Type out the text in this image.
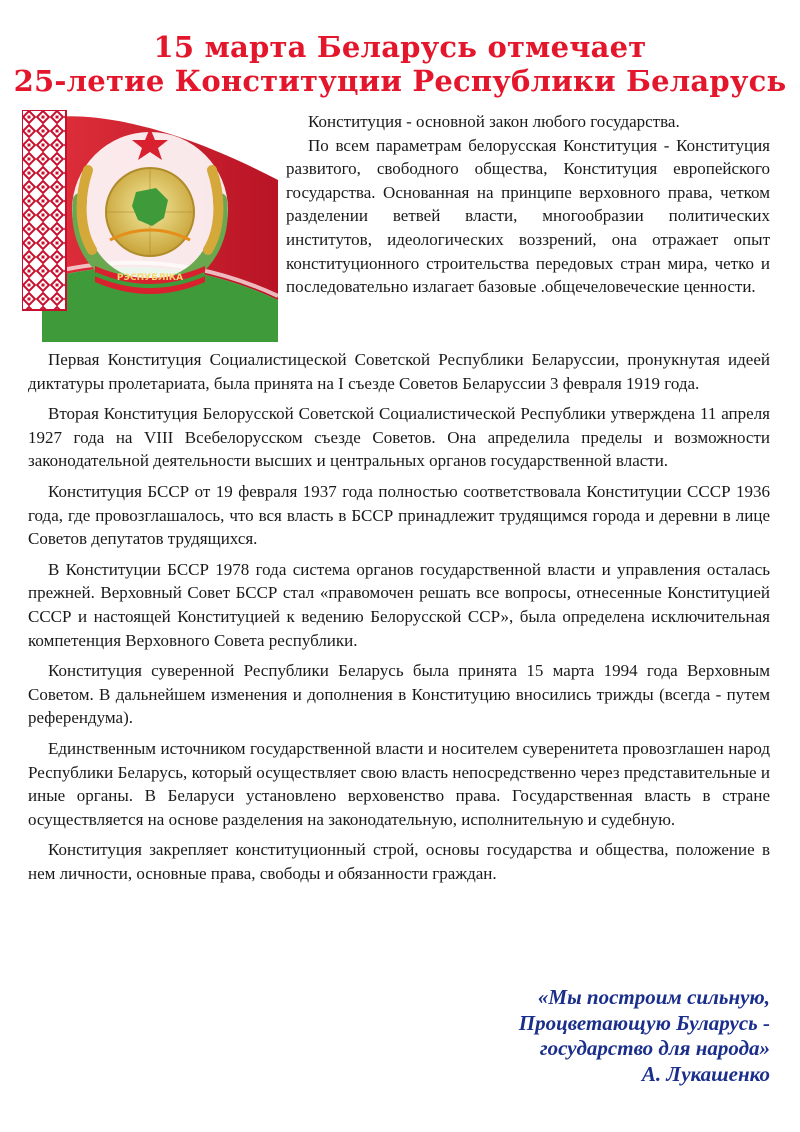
15 марта Беларусь отмечает
25-летие Конституции Республики Беларусь
РЭСПУБЛІКА

Конституция - основной закон любого государства.

По всем параметрам белорусская Конституция - Конституция развитого, свободного общества, Конституция европейского государства. Основанная на принципе верховного права, четком разделении ветвей власти, многообразии политических институтов, идеологических воззрений, она отражает опыт конституционного строительства передовых стран мира, четко и последовательно излагает базовые .общечеловеческие ценности.

Первая Конституция Социалистицеской Советской Республики Беларуссии, пронукнутая идеей диктатуры пролетариата, была принята на I съезде Советов Беларуссии 3 февраля 1919 года.

Вторая Конституция Белорусской Советской Социалистической Республики утверждена 11 апреля 1927 года на VIII Всебелорусском съезде Советов. Она апределила пределы и возможности законодательной деятельности высших и центральных органов государственной власти.

Конституция БССР от 19 февраля 1937 года полностью соответствовала Конституции СССР 1936 года, где провозглашалось, что вся власть в БССР принадлежит трудящимся города и деревни в лице Советов депутатов трудящихся.

В Конституции БССР 1978 года система органов государственной власти и управления осталась прежней. Верховный Совет БССР стал «правомочен решать все вопросы, отнесенные Конституцией СССР и настоящей Конституцией к ведению Белорусской ССР», была определена исключительная компетенция Верховного Совета республики.

Конституция суверенной Республики Беларусь была принята 15 марта 1994 года Верховным Советом. В дальнейшем изменения и дополнения в Конституцию вносились трижды (всегда - путем референдума).

Единственным источником государственной власти и носителем суверенитета провозглашен народ Республики Беларусь, который осуществляет свою власть непосредственно через представительные и иные органы. В Беларуси установлено верховенство права. Государственная власть в стране осуществляется на основе разделения на законодательную, исполнительную и судебную.

Конституция закрепляет конституционный строй, основы государства и общества, положение в нем личности, основные права, свободы и обязанности граждан.

«Мы построим сильную,
Процветающую Буларусь -
государство для народа»
А. Лукашенко
